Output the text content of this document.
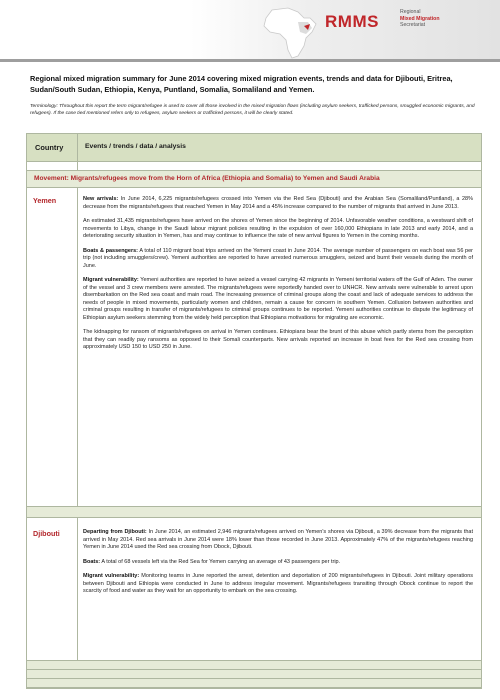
RMMS	Regional
Mixed Migration
Secretariat
Regional mixed migration summary for June 2014 covering mixed migration events, trends and data for Djibouti, Eritrea, Sudan/South Sudan, Ethiopia, Kenya, Puntland, Somalia, Somaliland and Yemen.
Terminology: Throughout this report the term migrant/refugee is used to cover all those involved in the mixed migration flows (including asylum seekers, trafficked persons, smuggled economic migrants, and refugees). If the case tied mentioned refers only to refugees, asylum seekers or trafficked persons, it will be clearly stated.
Country	Events / trends / data / analysis
Movement: Migrants/refugees move from the Horn of Africa (Ethiopia and Somalia) to Yemen and Saudi Arabia
Yemen	New arrivals: In June 2014, 6,225 migrants/refugees crossed into Yemen via the Red Sea (Djibouti) and the Arabian Sea (Somaliland/Puntland), a 28% decrease from the migrants/refugees that reached Yemen in May 2014 and a 45% increase compared to the number of migrants that arrived in June 2013.

An estimated 31,435 migrants/refugees have arrived on the shores of Yemen since the beginning of 2014. Unfavorable weather conditions, a westward shift of movements to Libya, change in the Saudi labour migrant policies resulting in the expulsion of over 160,000 Ethiopians in late 2013 and early 2014, and a deteriorating security situation in Yemen, has and may continue to influence the rate of new arrival figures to Yemen in the coming months.

Boats & passengers: A total of 110 migrant boat trips arrived on the Yemeni coast in June 2014. The average number of passengers on each boat was 56 per trip (not including smugglers/crew). Yemeni authorities are reported to have arrested numerous smugglers, seized and burnt their vessels during the month of June.

Migrant vulnerability: Yemeni authorities are reported to have seized a vessel carrying 42 migrants in Yemeni territorial waters off the Gulf of Aden. The owner of the vessel and 3 crew members were arrested. The migrants/refugees were reportedly handed over to UNHCR. New arrivals were vulnerable to arrest upon disembarkation on the Red sea coast and main road. The increasing presence of criminal groups along the coast and lack of adequate services to address the needs of people in mixed movements, particularly women and children, remain a cause for concern in southern Yemen. Collusion between authorities and criminal groups resulting in transfer of migrants/refugees to criminal groups continues to be reported. Yemeni authorities continue to dispute the legitimacy of Ethiopian asylum seekers stemming from the widely held perception that Ethiopians motivations for migrating are economic.

The kidnapping for ransom of migrants/refugees on arrival in Yemen continues. Ethiopians bear the brunt of this abuse which partly stems from the perception that they can readily pay ransoms as opposed to their Somali counterparts. New arrivals reported an increase in boat fees for the Red sea crossing from approximately USD 150 to USD 250 in June.

Djibouti	Departing from Djibouti: In June 2014, an estimated 2,946 migrants/refugees arrived on Yemen's shores via Djibouti, a 39% decrease from the migrants that arrived in May 2014. Red sea arrivals in June 2014 were 18% lower than those recorded in June 2013. Approximately 47% of the migrants/refugees reaching Yemen in June 2014 used the Red sea crossing from Obock, Djibouti.

Boats: A total of 68 vessels left via the Red Sea for Yemen carrying an average of 43 passengers per trip.

Migrant vulnerability: Monitoring teams in June reported the arrest, detention and deportation of 200 migrants/refugees in Djibouti. Joint military operations between Djibouti and Ethiopia were conducted in June to address irregular movement. Migrants/refugees transiting through Obock continue to report the scarcity of food and water as they wait for an opportunity to embark on the sea crossing.
